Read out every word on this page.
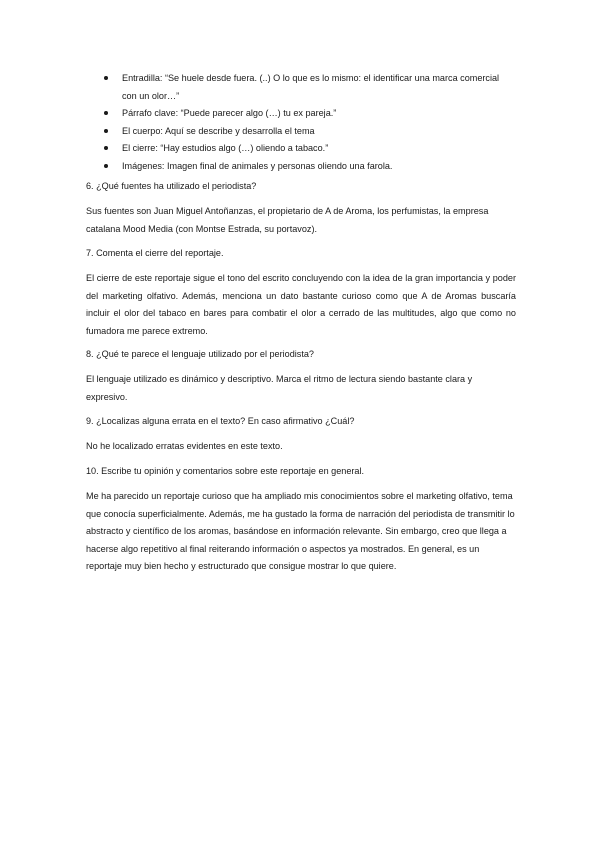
Entradilla: “Se huele desde fuera. (..) O lo que es lo mismo: el identificar una marca comercial con un olor…”
Párrafo clave: “Puede parecer algo (…) tu ex pareja.”
El cuerpo: Aquí se describe y desarrolla el tema
El cierre: “Hay estudios algo (…) oliendo a tabaco.”
Imágenes: Imagen final de animales y personas oliendo una farola.

6. ¿Qué fuentes ha utilizado el periodista?

Sus fuentes son Juan Miguel Antoñanzas, el propietario de A de Aroma, los perfumistas, la empresa catalana Mood Media (con Montse Estrada, su portavoz).

7. Comenta el cierre del reportaje.

El cierre de este reportaje sigue el tono del escrito concluyendo con la idea de la gran importancia y poder del marketing olfativo. Además, menciona un dato bastante curioso como que A de Aromas buscaría incluir el olor del tabaco en bares para combatir el olor a cerrado de las multitudes, algo que como no fumadora me parece extremo.

8. ¿Qué te parece el lenguaje utilizado por el periodista?

El lenguaje utilizado es dinámico y descriptivo. Marca el ritmo de lectura siendo bastante clara y expresivo.

9. ¿Localizas alguna errata en el texto? En caso afirmativo ¿Cuál?

No he localizado erratas evidentes en este texto.

10. Escribe tu opinión y comentarios sobre este reportaje en general.

Me ha parecido un reportaje curioso que ha ampliado mis conocimientos sobre el marketing olfativo, tema que conocía superficialmente. Además, me ha gustado la forma de narración del periodista de transmitir lo abstracto y científico de los aromas, basándose en información relevante. Sin embargo, creo que llega a hacerse algo repetitivo al final reiterando información o aspectos ya mostrados. En general, es un reportaje muy bien hecho y estructurado que consigue mostrar lo que quiere.
